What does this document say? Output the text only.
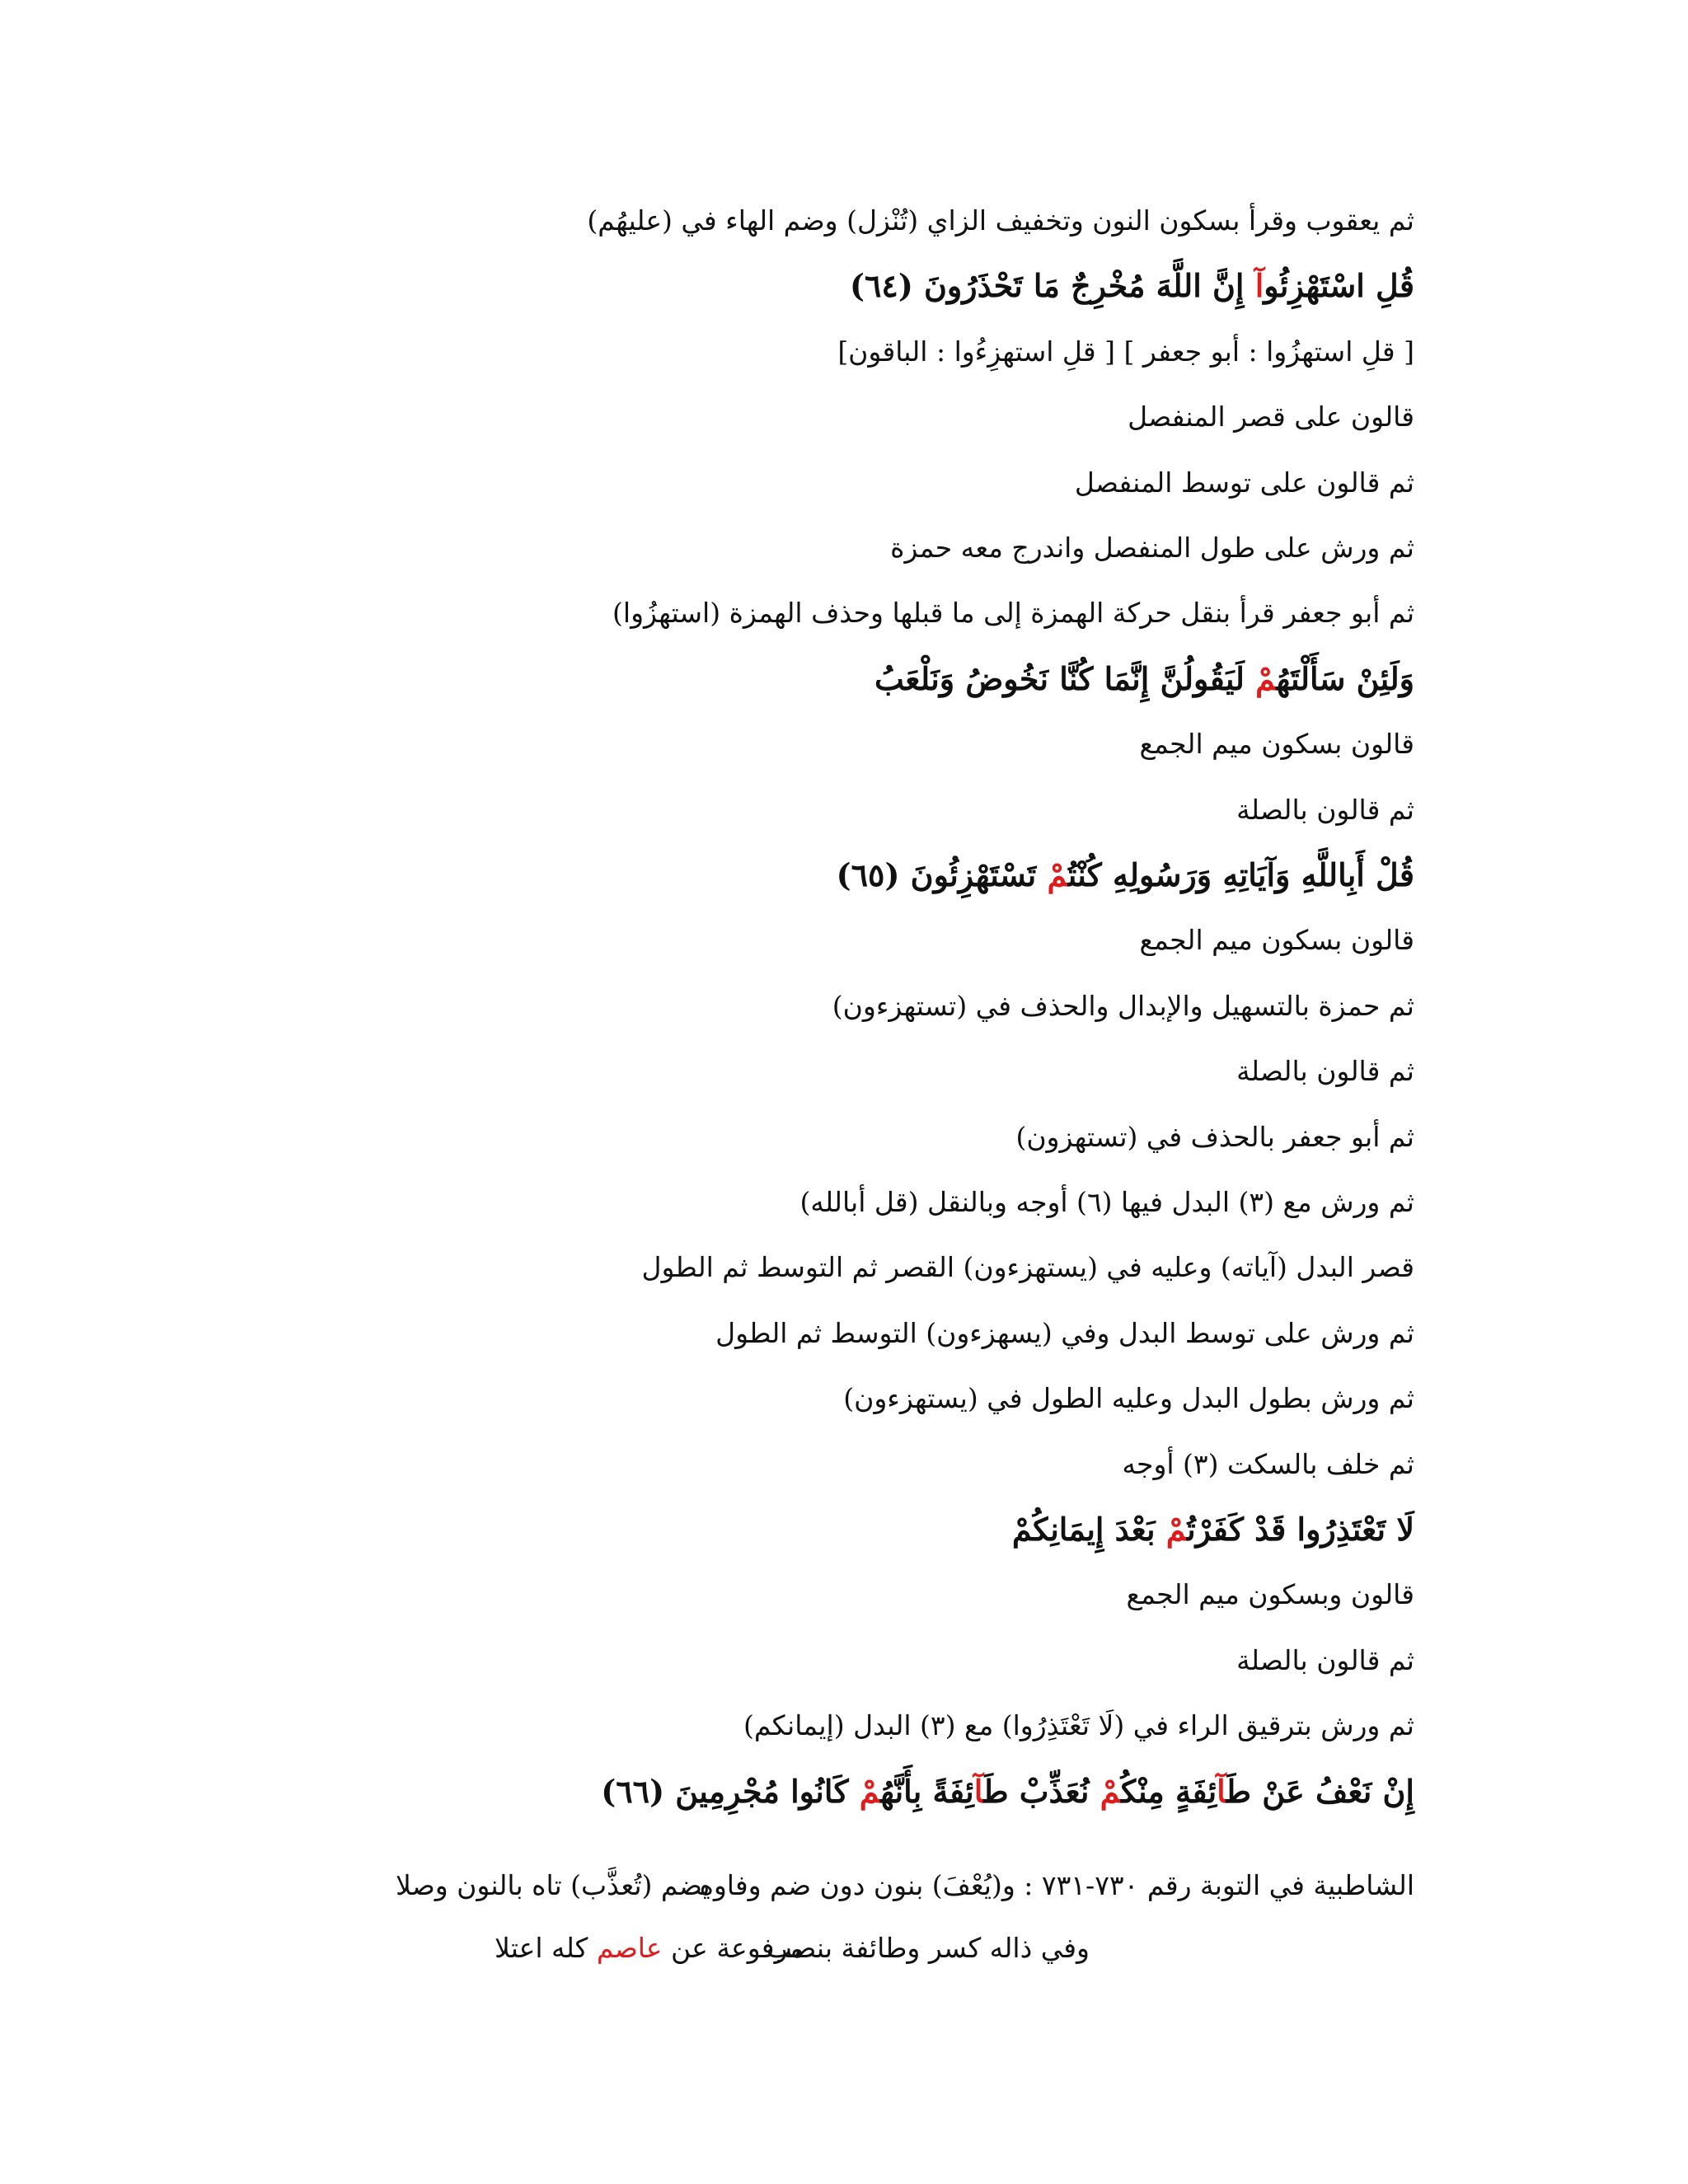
ثم يعقوب وقرأ بسكون النون وتخفيف الزاي (تُنْزل) وضم الهاء في (عليهُم)
قُلِ اسْتَهْزِئُوآ إِنَّ اللَّهَ مُخْرِجٌ مَا تَحْذَرُونَ (٦٤)
[ قلِ استهزُوا : أبو جعفر ] [ قلِ استهزِءُوا : الباقون]
قالون على قصر المنفصل
ثم قالون على توسط المنفصل
ثم ورش على طول المنفصل واندرج معه حمزة
ثم أبو جعفر قرأ بنقل حركة الهمزة إلى ما قبلها وحذف الهمزة (استهزُوا)
وَلَئِنْ سَأَلْتَهُمْ لَيَقُولُنَّ إِنَّمَا كُنَّا نَخُوضُ وَنَلْعَبُ
قالون بسكون ميم الجمع
ثم قالون بالصلة
قُلْ أَبِاللَّهِ وَآيَاتِهِ وَرَسُولِهِ كُنْتُمْ تَسْتَهْزِئُونَ (٦٥)
قالون بسكون ميم الجمع
ثم حمزة بالتسهيل والإبدال والحذف في (تستهزءون)
ثم قالون بالصلة
ثم أبو جعفر بالحذف في (تستهزون)
ثم ورش مع (٣) البدل فيها (٦) أوجه وبالنقل (قل أبالله)
قصر البدل (آياته) وعليه في (يستهزءون) القصر ثم التوسط ثم الطول
ثم ورش على توسط البدل وفي (يسهزءون) التوسط ثم الطول
ثم ورش بطول البدل وعليه الطول في (يستهزءون)
ثم خلف بالسكت (٣) أوجه
لَا تَعْتَذِرُوا قَدْ كَفَرْتُمْ بَعْدَ إِيمَانِكُمْ
قالون وبسكون ميم الجمع
ثم قالون بالصلة
ثم ورش بترقيق الراء في (لَا تَعْتَذِرُوا) مع (٣) البدل (إيمانكم)
إِنْ نَعْفُ عَنْ طَآئِفَةٍ مِنْكُمْ نُعَذِّبْ طَآئِفَةً بِأَنَّهُمْ كَانُوا مُجْرِمِينَ (٦٦)
الشاطبية في التوبة رقم ٧٣٠-٧٣١ : و(يُعْفَ) بنون دون ضم وفاوه
يضم (تُعذَّب) تاه بالنون وصلا
وفي ذاله كسر وطائفة بنصب
مرفوعة عن عاصم كله اعتلا
